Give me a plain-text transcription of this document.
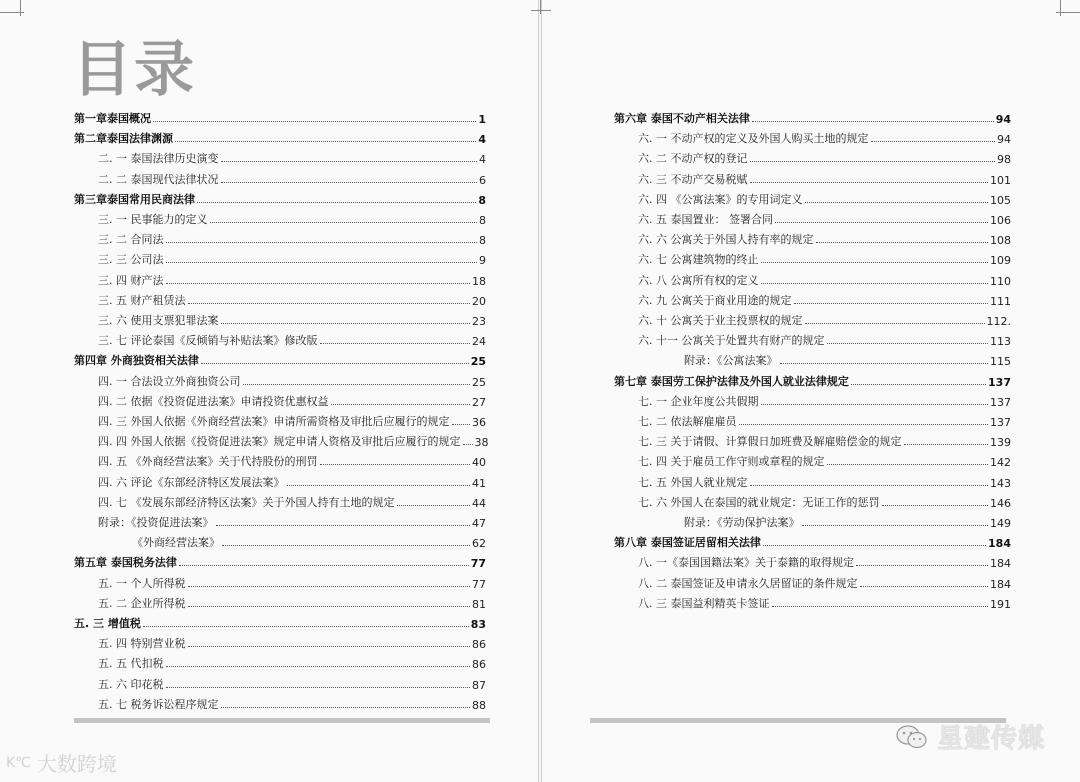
目录
第一章泰国概况	1
第二章泰国法律渊源	4
二. 一 泰国法律历史演变	4
二. 二 泰国现代法律状况	6
第三章泰国常用民商法律	8
三. 一 民事能力的定义	8
三. 二 合同法	8
三. 三 公司法	9
三. 四 财产法	18
三. 五 财产租赁法	20
三. 六 使用支票犯罪法案	23
三. 七 评论泰国《反倾销与补贴法案》修改版	24
第四章 外商独资相关法律	25
四. 一 合法设立外商独资公司	25
四. 二 依据《投资促进法案》申请投资优惠权益	27
四. 三 外国人依据《外商经营法案》申请所需资格及审批后应履行的规定 36
四. 四 外国人依据《投资促进法案》规定申请人资格及审批后应履行的规定 38
四. 五 《外商经营法案》关于代持股份的刑罚	40
四. 六 评论《东部经济特区发展法案》	41
四. 七 《发展东部经济特区法案》关于外国人持有土地的规定	44
附录：《投资促进法案》	47
《外商经营法案》	62
第五章 泰国税务法律	77
五. 一 个人所得税	77
五. 二 企业所得税	81
五. 三 增值税	83
五. 四 特别营业税	86
五. 五 代扣税	86
五. 六 印花税	87
五. 七 税务诉讼程序规定	88
第六章 泰国不动产相关法律	94
六. 一 不动产权的定义及外国人购买土地的规定	94
六. 二 不动产权的登记	98
六. 三 不动产交易税赋	101
六. 四 《公寓法案》的专用词定义	105
六. 五 泰国置业： 签署合同	106
六. 六 公寓关于外国人持有率的规定	108
六. 七 公寓建筑物的终止	109
六. 八 公寓所有权的定义	110
六. 九 公寓关于商业用途的规定	111
六. 十 公寓关于业主投票权的规定	112.
六. 十一 公寓关于处置共有财产的规定	113
附录：《公寓法案》	115
第七章 泰国劳工保护法律及外国人就业法律规定	137
七. 一 企业年度公共假期	137
七. 二 依法解雇雇员	137
七. 三 关于请假、计算假日加班费及解雇赔偿金的规定	139
七. 四 关于雇员工作守则或章程的规定	142
七. 五 外国人就业规定	143
七. 六 外国人在泰国的就业规定：无证工作的惩罚	146
附录：《劳动保护法案》	149
第八章 泰国签证居留相关法律	184
八. 一《泰国国籍法案》关于泰籍的取得规定	184
八. 二 泰国签证及申请永久居留证的条件规定	184
八. 三 泰国益利精英卡签证	191
K℃ 大数跨境
星建传媒
